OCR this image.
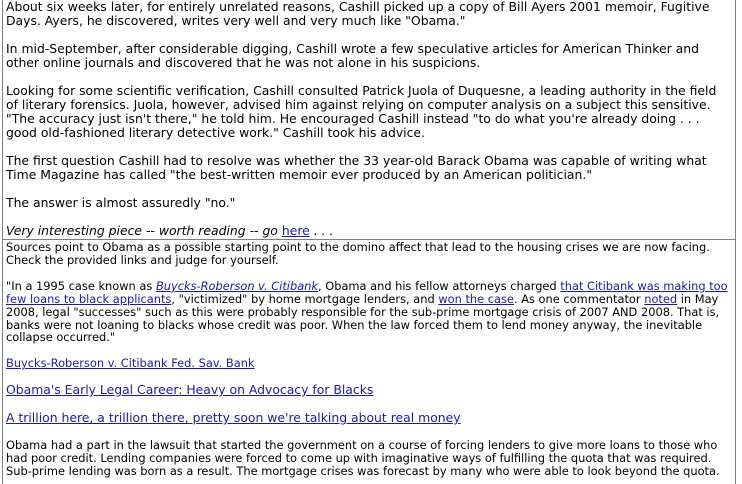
About six weeks later, for entirely unrelated reasons, Cashill picked up a copy of Bill Ayers 2001 memoir, Fugitive Days. Ayers, he discovered, writes very well and very much like "Obama."

In mid-September, after considerable digging, Cashill wrote a few speculative articles for American Thinker and other online journals and discovered that he was not alone in his suspicions.

Looking for some scientific verification, Cashill consulted Patrick Juola of Duquesne, a leading authority in the field of literary forensics. Juola, however, advised him against relying on computer analysis on a subject this sensitive. "The accuracy just isn't there," he told him. He encouraged Cashill instead "to do what you're already doing . . . good old-fashioned literary detective work." Cashill took his advice.

The first question Cashill had to resolve was whether the 33 year-old Barack Obama was capable of writing what Time Magazine has called "the best-written memoir ever produced by an American politician."

The answer is almost assuredly "no."

Very interesting piece -- worth reading -- go here . . .

Sources point to Obama as a possible starting point to the domino affect that lead to the housing crises we are now facing. Check the provided links and judge for yourself.

"In a 1995 case known as Buycks-Roberson v. Citibank, Obama and his fellow attorneys charged that Citibank was making too few loans to black applicants, "victimized" by home mortgage lenders, and won the case. As one commentator noted in May 2008, legal "successes" such as this were probably responsible for the sub-prime mortgage crisis of 2007 AND 2008. That is, banks were not loaning to blacks whose credit was poor. When the law forced them to lend money anyway, the inevitable collapse occurred."

Buycks-Roberson v. Citibank Fed. Sav. Bank

Obama's Early Legal Career: Heavy on Advocacy for Blacks

A trillion here, a trillion there, pretty soon we're talking about real money

Obama had a part in the lawsuit that started the government on a course of forcing lenders to give more loans to those who had poor credit. Lending companies were forced to come up with imaginative ways of fulfilling the quota that was required. Sub-prime lending was born as a result. The mortgage crises was forecast by many who were able to look beyond the quota.
